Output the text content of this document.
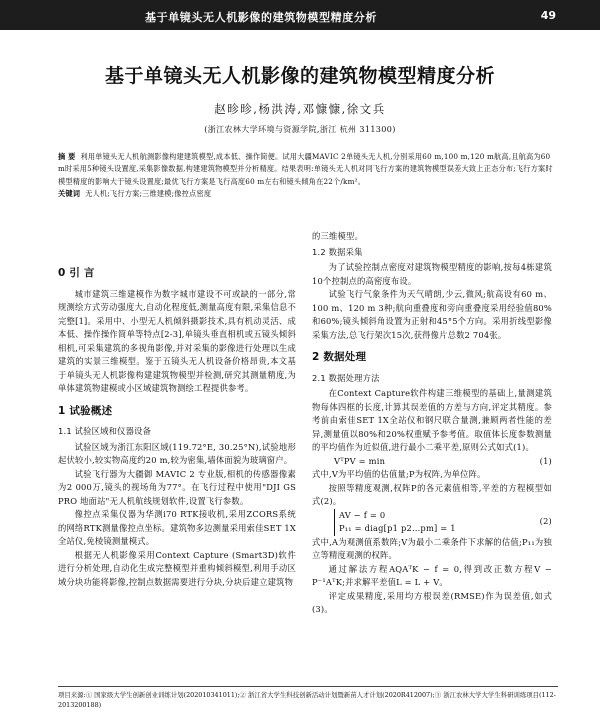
基于单镜头无人机影像的建筑物模型精度分析	49
基于单镜头无人机影像的建筑物模型精度分析
赵昣昣,杨洪涛,邓慷慷,徐文兵
(浙江农林大学环境与资源学院,浙江 杭州 311300)
摘 要 利用单镜头无人机航测影像构建建筑模型,成本低、操作简便。试用大疆MAVIC 2单镜头无人机,分别采用60 m,100 m,120 m航高,且航高为60 m时采用5种镜头设置度,采集影像数据,构建建筑物模型并分析精度。结果表明:单镜头无人机对同飞行方案的建筑物模型误差大致上正态分布;飞行方案时模型精度的影响大于镜头设置度;最优飞行方案是飞行高度60 m左右和镜头倾角在22个/km²。
关键词 无人机;飞行方案;三维建模;像控点密度
0 引 言

城市建筑三维建模作为数字城市建设不可或缺的一部分,常规测绘方式劳动强度大,自动化程度低,测量高度有限,采集信息不完整[1]。采用中、小型无人机倾斜摄影技术,具有机动灵活、成本低、操作操作简单等特点[2-3],单镜头垂直相机或五镜头倾斜相机,可采集建筑的多视角影像,并对采集的影像进行处理以生成建筑的实景三维模型。鉴于五镜头无人机设备价格昂贵,本文基于单镜头无人机影像构建建筑物模型并检测,研究其测量精度,为单体建筑物建模或小区域建筑物测绘工程提供参考。

1 试验概述
1.1 试验区域和仪器设备

试验区域为浙江东阳区域(119.72°E, 30.25°N),试验地形起伏较小,较实物高度约20 m,较为密集,墙体面貌为玻璃窗户。

试验飞行器为大疆御 MAVIC 2 专业版,相机的传感器像素为2 000万,镜头的视场角为77°。在飞行过程中使用"DJI GS PRO 地面站"无人机航线规划软件,设置飞行参数。

像控点采集仪器为华测i70 RTK接收机,采用ZCORS系统的网络RTK测量像控点坐标。建筑物多边测量采用索佳SET 1X全站仪,免棱镜测量模式。

根据无人机影像采用Context Capture (Smart3D)软件进行分析处理,自动化生成完整模型并重构倾斜模型,利用手动区域分块功能将影像,控制点数据需要进行分块,分块后建立建筑物

的三维模型。

1.2 数据采集

为了试验控制点密度对建筑物模型精度的影响,按每4栋建筑10个控制点的高密度布设。

试验飞行气象条件为天气晴朗,少云,微风;航高设有60 m、100 m、120 m 3种;航向重叠度和旁向重叠度采用经验值80%和60%;镜头倾斜角设置为正射和45°5个方向。采用折线型影像采集方法,总飞行架次15次,获得像片总数2 704张。

2 数据处理
2.1 数据处理方法

在Context Capture软件构建三维模型的基础上,量测建筑物每体四框的长度,计算其误差值的方差与方向,评定其精度。参考前由索佳SET 1X全站仪和钢尺联合量测,兼顾两者性能的差异,测量值以80%和20%权重赋予参考值。取值体长度参数测量的平均值作为近似值,进行最小二乘平差,原则公式如式(1)。

VᵀPV = min	(1)

式中,V为平均值的估值量;P为权阵,为单位阵。

按照等精度观测,权阵P的各元素值相等,平差的方程模型如式(2)。

AV − f = 0
P₁₁ = diag[p1 p2…pm] = 1
(2)

式中,A为观测值系数阵;V为最小二乘条件下求解的估值;P₁₁为独立等精度观测的权阵。

通过解法方程AQAᵀK − f = 0,得到改正数方程V − P⁻¹AᵀK;并求解平差值L = L + V。

评定成果精度,采用均方根误差(RMSE)作为误差值,如式(3)。

项目来源:① 国家级大学生创新创业训练计划(202010341011);② 浙江省大学生科技创新活动计划暨新苗人才计划(2020R412007);③ 浙江农林大学大学生科研训练项目(112-2013200188)
